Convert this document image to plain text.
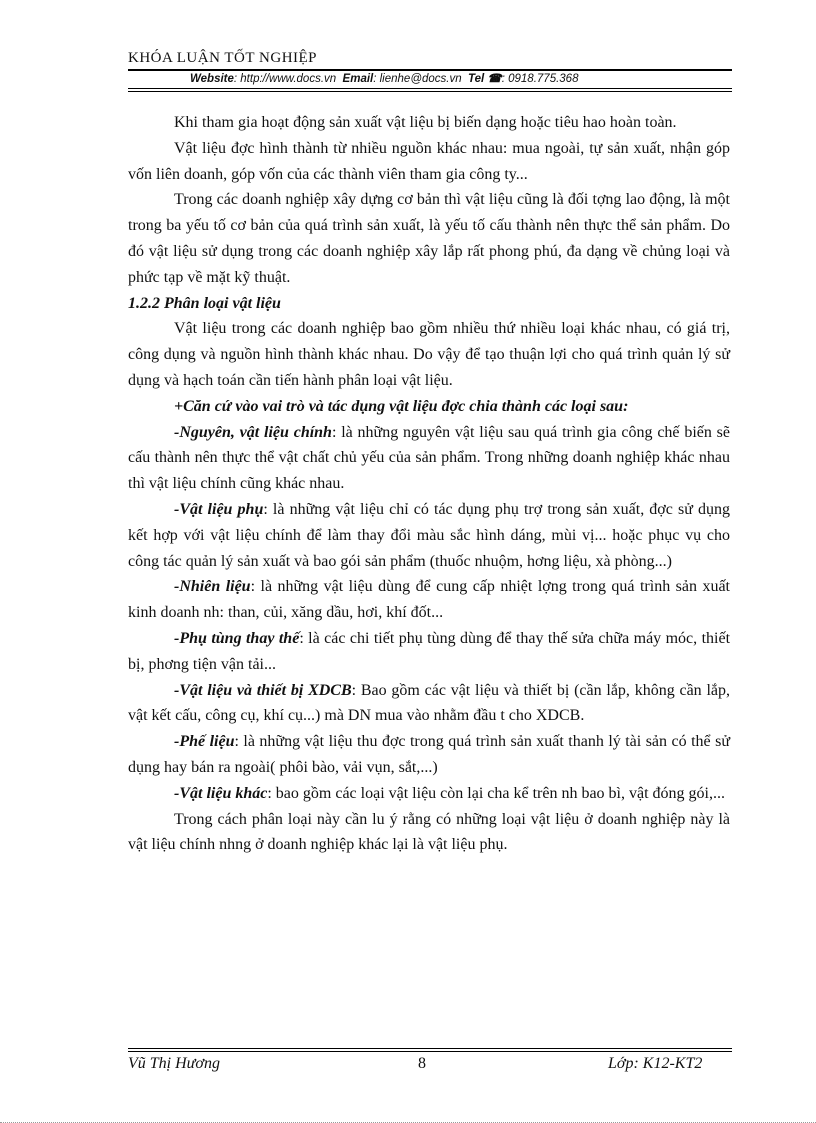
KHÓA LUẬN TỐT NGHIỆP
Website: http://www.docs.vn Email: lienhe@docs.vn Tel ☎: 0918.775.368

Khi tham gia hoạt động sản xuất vật liệu bị biến dạng hoặc tiêu hao hoàn toàn.

Vật liệu đợc hình thành từ nhiều nguồn khác nhau: mua ngoài, tự sản xuất, nhận góp vốn liên doanh, góp vốn của các thành viên tham gia công ty...

Trong các doanh nghiệp xây dựng cơ bản thì vật liệu cũng là đối tợng lao động, là một trong ba yếu tố cơ bản của quá trình sản xuất, là yếu tố cấu thành nên thực thể sản phẩm. Do đó vật liệu sử dụng trong các doanh nghiệp xây lắp rất phong phú, đa dạng về chủng loại và phức tạp về mặt kỹ thuật.

1.2.2 Phân loại vật liệu

Vật liệu trong các doanh nghiệp bao gồm nhiều thứ nhiều loại khác nhau, có giá trị, công dụng và nguồn hình thành khác nhau. Do vậy để tạo thuận lợi cho quá trình quản lý sử dụng và hạch toán cần tiến hành phân loại vật liệu.

+Căn cứ vào vai trò và tác dụng vật liệu đợc chia thành các loại sau:

-Nguyên, vật liệu chính: là những nguyên vật liệu sau quá trình gia công chế biến sẽ cấu thành nên thực thể vật chất chủ yếu của sản phẩm. Trong những doanh nghiệp khác nhau thì vật liệu chính cũng khác nhau.

-Vật liệu phụ: là những vật liệu chỉ có tác dụng phụ trợ trong sản xuất, đợc sử dụng kết hợp với vật liệu chính để làm thay đổi màu sắc hình dáng, mùi vị... hoặc phục vụ cho công tác quản lý sản xuất và bao gói sản phẩm (thuốc nhuộm, hơng liệu, xà phòng...)

-Nhiên liệu: là những vật liệu dùng để cung cấp nhiệt lợng trong quá trình sản xuất kinh doanh nh: than, củi, xăng dầu, hơi, khí đốt...

-Phụ tùng thay thế: là các chi tiết phụ tùng dùng để thay thế sửa chữa máy móc, thiết bị, phơng tiện vận tải...

-Vật liệu và thiết bị XDCB: Bao gồm các vật liệu và thiết bị (cần lắp, không cần lắp, vật kết cấu, công cụ, khí cụ...) mà DN mua vào nhằm đầu t cho XDCB.

-Phế liệu: là những vật liệu thu đợc trong quá trình sản xuất thanh lý tài sản có thể sử dụng hay bán ra ngoài( phôi bào, vải vụn, sắt,...)

-Vật liệu khác: bao gồm các loại vật liệu còn lại cha kể trên nh bao bì, vật đóng gói,...

Trong cách phân loại này cần lu ý rằng có những loại vật liệu ở doanh nghiệp này là vật liệu chính nhng ở doanh nghiệp khác lại là vật liệu phụ.

Vũ Thị Hương	8	Lớp: K12-KT2
